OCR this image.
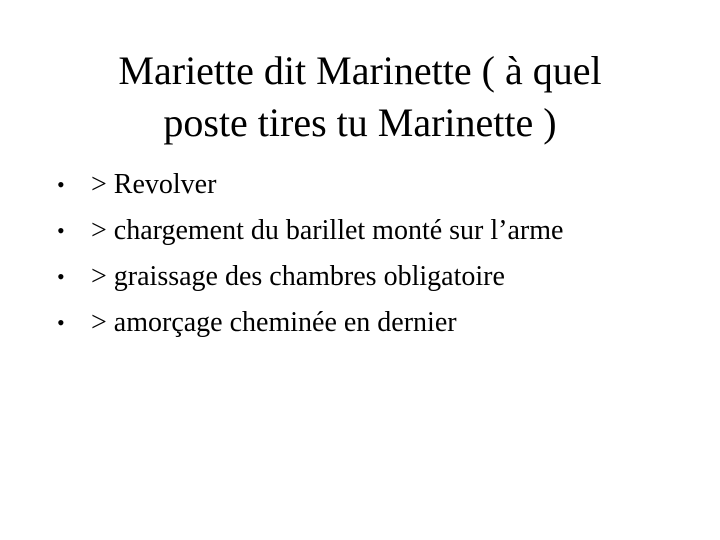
Mariette dit Marinette ( à quel
poste tires tu Marinette )
• > Revolver
• > chargement du barillet monté sur l’arme
• > graissage des chambres obligatoire
• > amorçage cheminée en dernier
